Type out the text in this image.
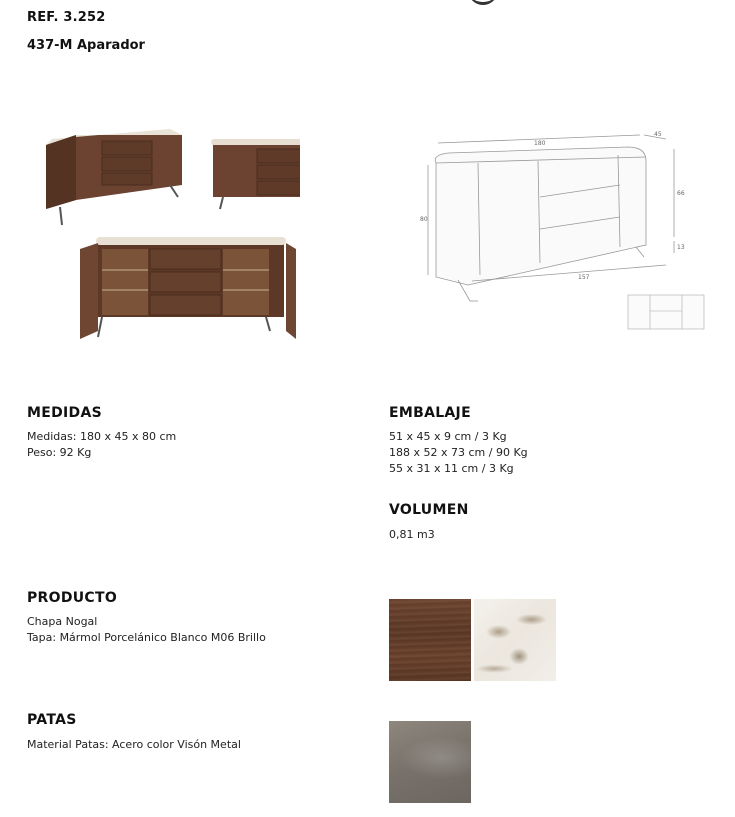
REF. 3.252
437-M Aparador
180
45
80
66
13
157
MEDIDAS
Medidas: 180 x 45 x 80 cm
Peso: 92 Kg
EMBALAJE
51 x 45 x 9 cm / 3 Kg
188 x 52 x 73 cm / 90 Kg
55 x 31 x 11 cm / 3 Kg
VOLUMEN
0,81 m3
PRODUCTO
Chapa Nogal
Tapa: Mármol Porcelánico Blanco M06 Brillo
PATAS
Material Patas: Acero color Visón Metal
